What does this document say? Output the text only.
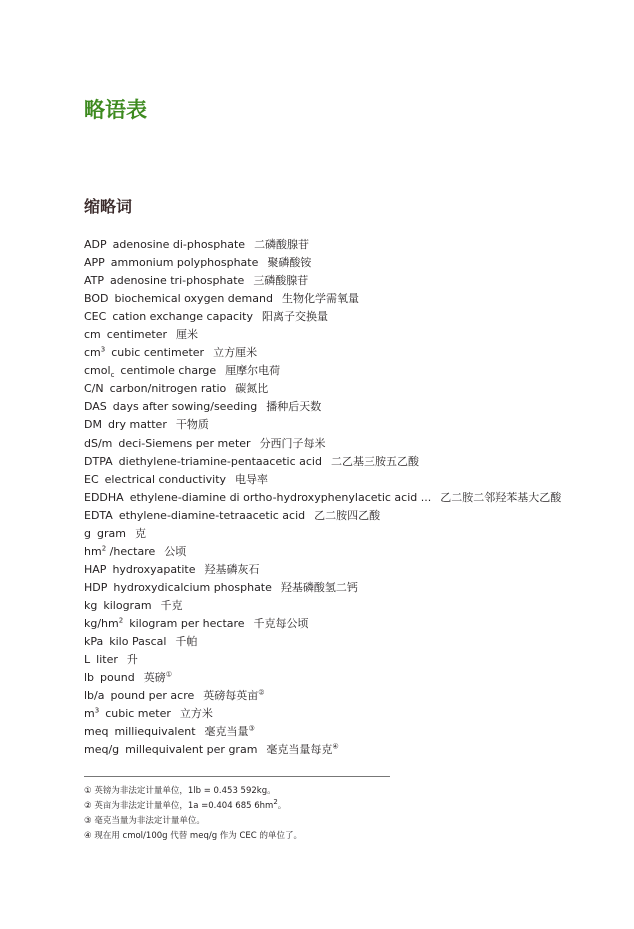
略语表
缩略词
ADP adenosine di-phosphate 二磷酸腺苷
APP ammonium polyphosphate 聚磷酸铵
ATP adenosine tri-phosphate 三磷酸腺苷
BOD biochemical oxygen demand 生物化学需氧量
CEC cation exchange capacity 阳离子交换量
cm centimeter 厘米
$cm^3$ cubic centimeter 立方厘米
cmol$_c$ centimole charge 厘摩尔电荷
C/N carbon/nitrogen ratio 碳氮比
DAS days after sowing/seeding 播种后天数
DM dry matter 干物质
dS/m deci-Siemens per meter 分西门子每米
DTPA diethylene-triamine-pentaacetic acid 二乙基三胺五乙酸
EC electrical conductivity 电导率
EDDHA ethylene-diamine di ortho-hydroxyphenylacetic acid ... 乙二胺二邻羟苯基大乙酸
EDTA ethylene-diamine-tetraacetic acid 乙二胺四乙酸
g gram 克
$hm^2$ /hectare 公顷
HAP hydroxyapatite 羟基磷灰石
HDP hydroxydicalcium phosphate 羟基磷酸氢二钙
kg kilogram 千克
$kg/hm^2$ kilogram per hectare 千克每公顷
kPa kilo Pascal 千帕
L liter 升
lb pound 英磅①
lb/a pound per acre 英磅每英亩②
$m^3$ cubic meter 立方米
meq milliequivalent 毫克当量③
meq/g millequivalent per gram 毫克当量每克④
① 英镑为非法定计量单位，1lb = 0.453 592kg。
② 英亩为非法定计量单位，1a =0.404 685 $6hm^2$。
③ 毫克当量为非法定计量单位。
④ 现在用 cmol/100g 代替 meq/g 作为 CEC 的单位了。
